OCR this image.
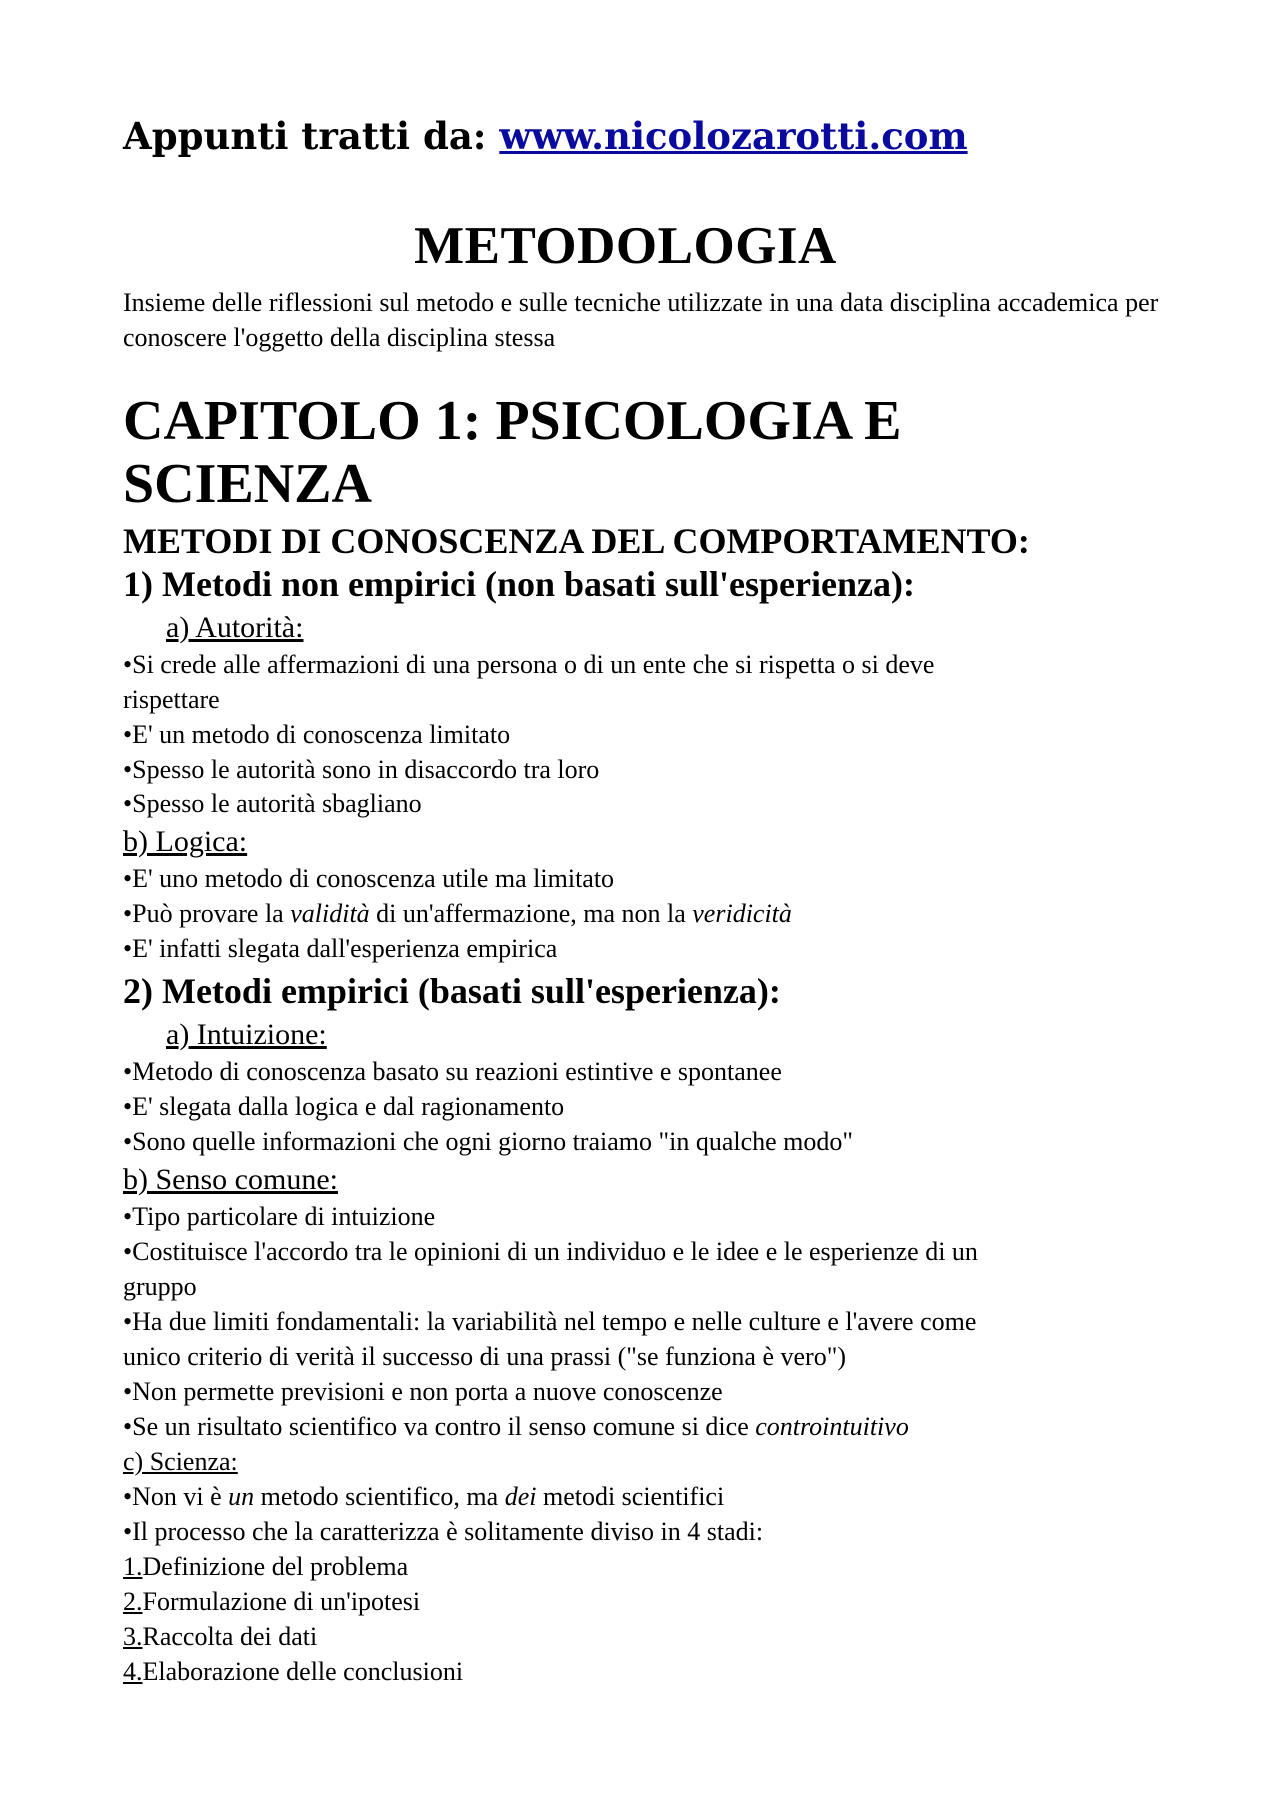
Appunti tratti da: www.nicolozarotti.com
METODOLOGIA
Insieme delle riflessioni sul metodo e sulle tecniche utilizzate in una data disciplina accademica per conoscere l'oggetto della disciplina stessa
CAPITOLO 1: PSICOLOGIA E SCIENZA
METODI DI CONOSCENZA DEL COMPORTAMENTO:
1) Metodi non empirici (non basati sull'esperienza):
a) Autorità:
•Si crede alle affermazioni di una persona o di un ente che si rispetta o si deve
rispettare
•E' un metodo di conoscenza limitato
•Spesso le autorità sono in disaccordo tra loro
•Spesso le autorità sbagliano
b) Logica:
•E' uno metodo di conoscenza utile ma limitato
•Può provare la validità di un'affermazione, ma non la veridicità
•E' infatti slegata dall'esperienza empirica
2) Metodi empirici (basati sull'esperienza):
a) Intuizione:
•Metodo di conoscenza basato su reazioni estintive e spontanee
•E' slegata dalla logica e dal ragionamento
•Sono quelle informazioni che ogni giorno traiamo "in qualche modo"
b) Senso comune:
•Tipo particolare di intuizione
•Costituisce l'accordo tra le opinioni di un individuo e le idee e le esperienze di un
gruppo
•Ha due limiti fondamentali: la variabilità nel tempo e nelle culture e l'avere come
unico criterio di verità il successo di una prassi ("se funziona è vero")
•Non permette previsioni e non porta a nuove conoscenze
•Se un risultato scientifico va contro il senso comune si dice controintuitivo
c) Scienza:
•Non vi è un metodo scientifico, ma dei metodi scientifici
•Il processo che la caratterizza è solitamente diviso in 4 stadi:
1.Definizione del problema
2.Formulazione di un'ipotesi
3.Raccolta dei dati
4.Elaborazione delle conclusioni
